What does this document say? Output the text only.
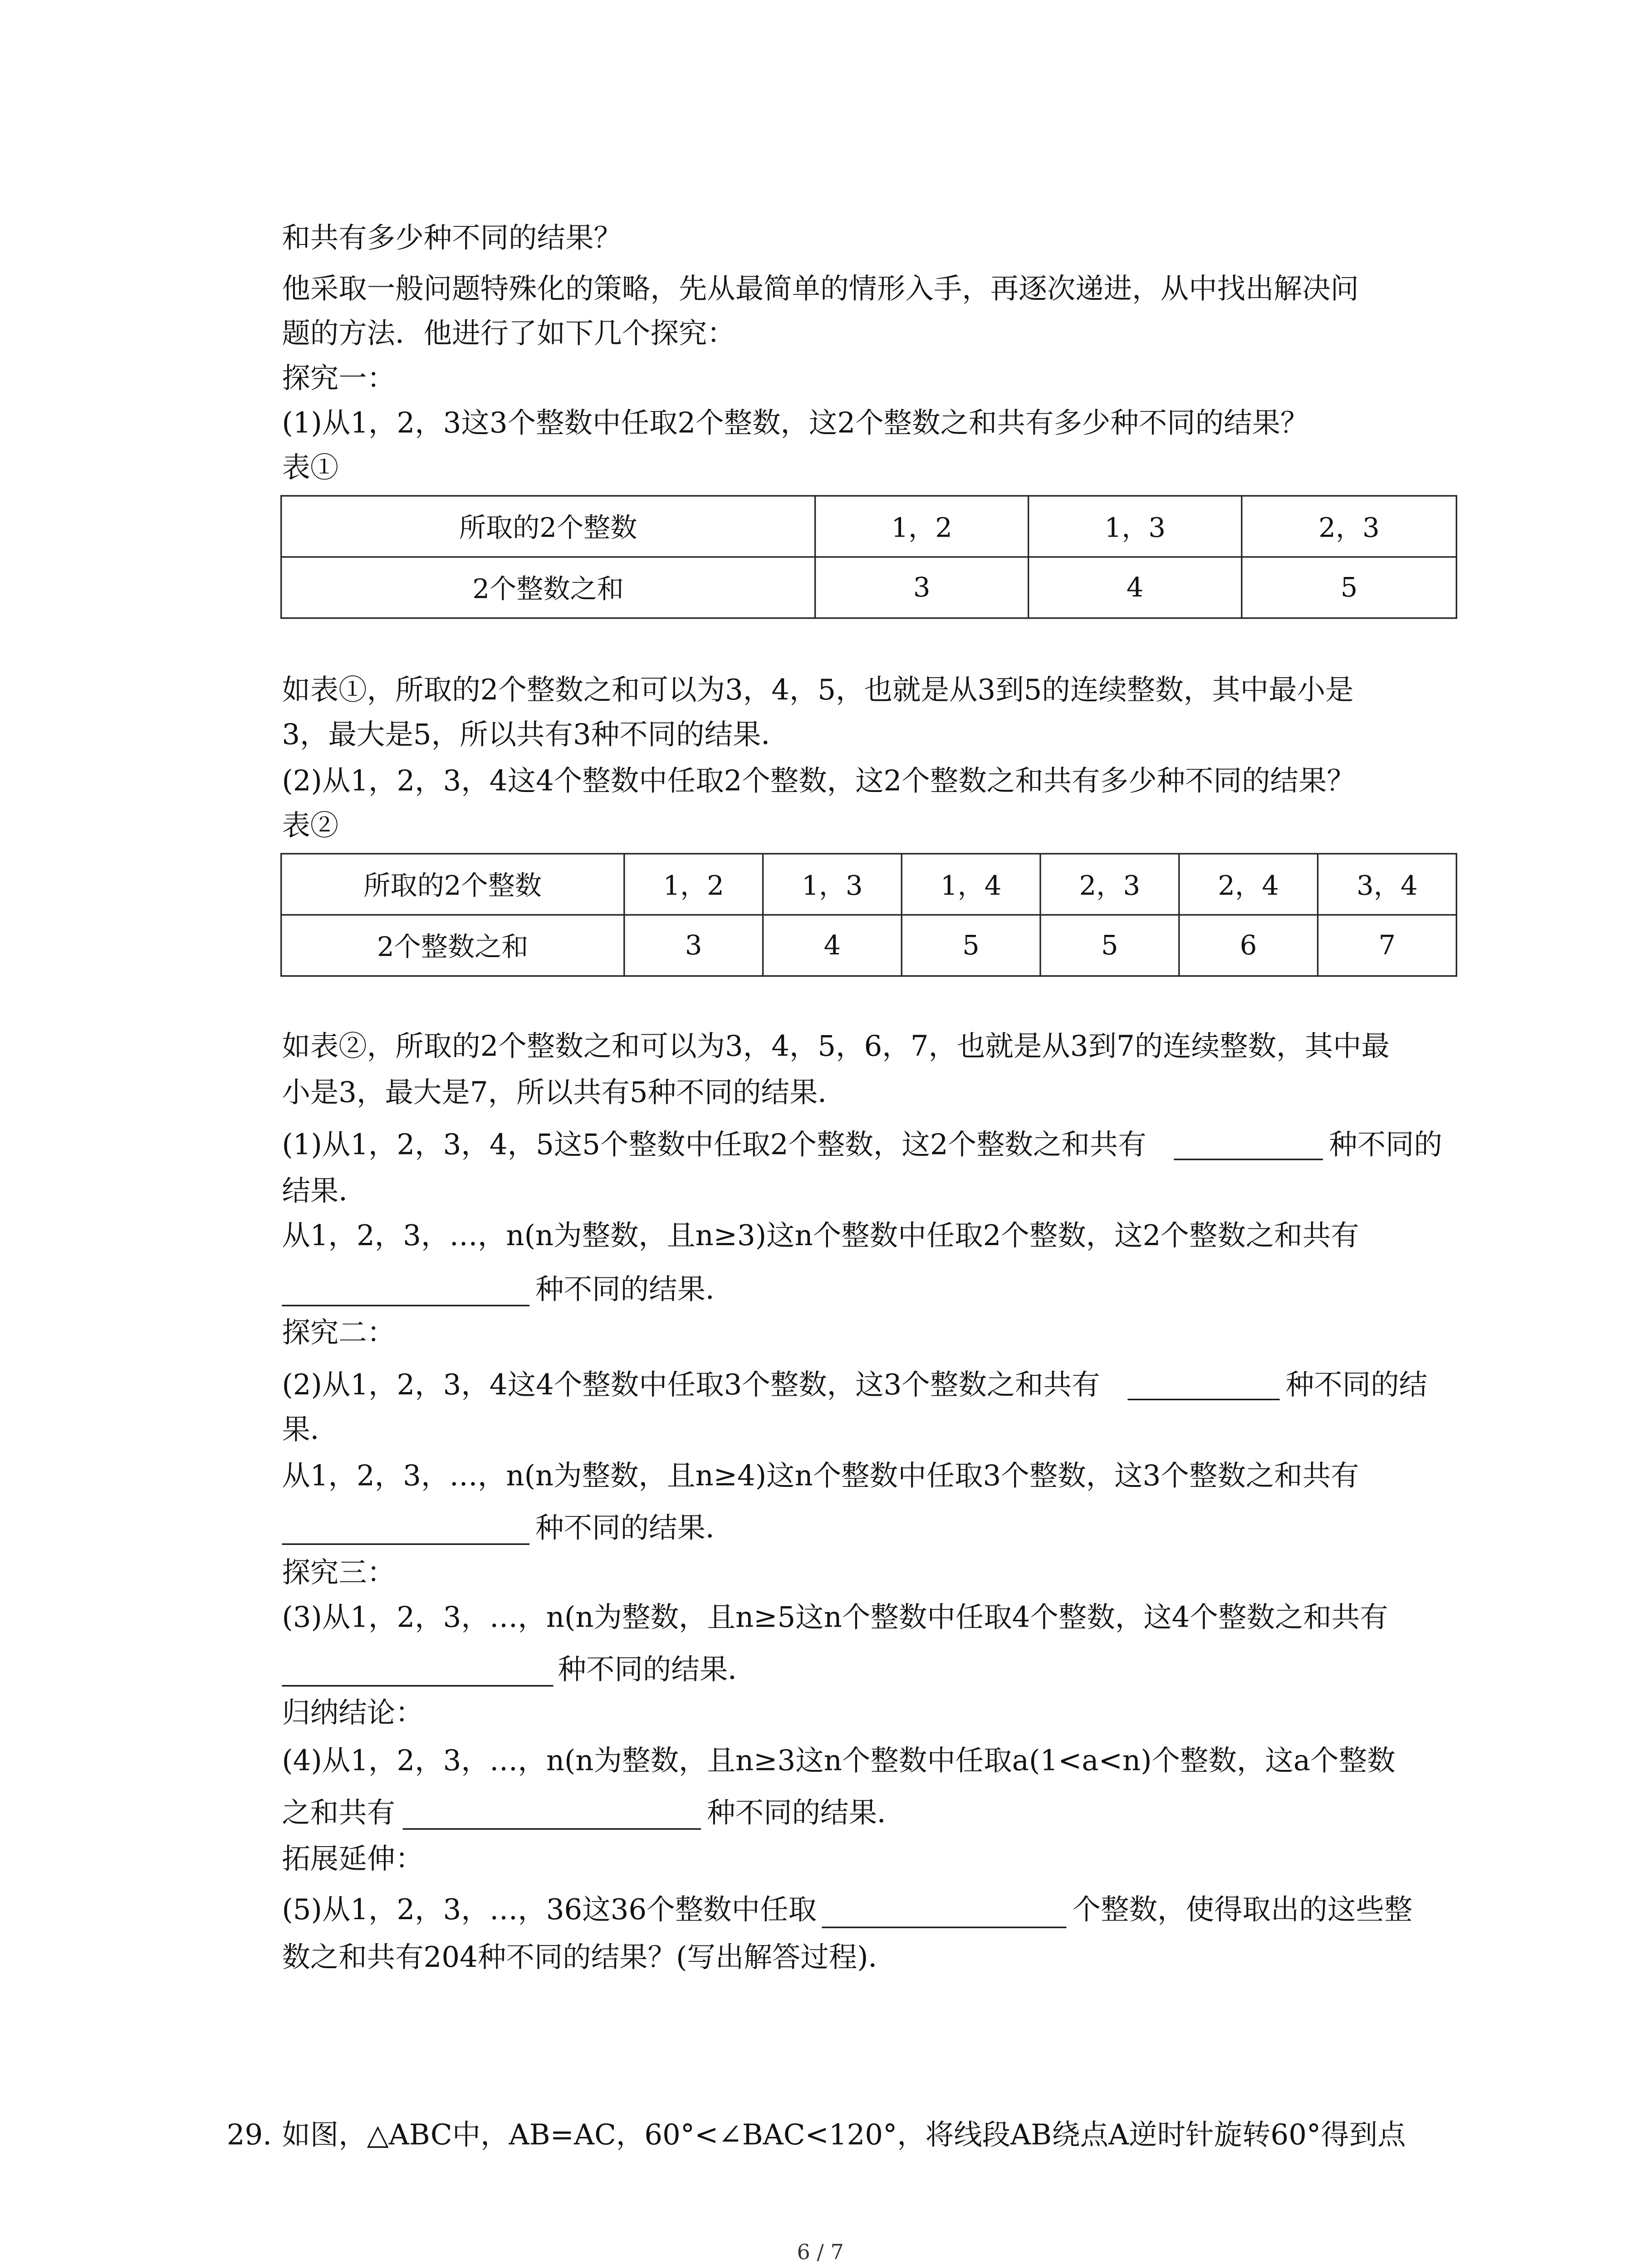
和共有多少种不同的结果？
他采取一般问题特殊化的策略，先从最简单的情形入手，再逐次递进，从中找出解决问
题的方法．他进行了如下几个探究：
探究一：
(1)从1，2，3这3个整数中任取2个整数，这2个整数之和共有多少种不同的结果？
表①
所取的2个整数	1，2	1，3	2，3
2个整数之和	3	4	5
如表①，所取的2个整数之和可以为3，4，5，也就是从3到5的连续整数，其中最小是
3，最大是5，所以共有3种不同的结果．
(2)从1，2，3，4这4个整数中任取2个整数，这2个整数之和共有多少种不同的结果？
表②
所取的2个整数	1，2	1，3	1，4	2，3	2，4	3，4
2个整数之和	3	4	5	5	6	7
如表②，所取的2个整数之和可以为3，4，5，6，7，也就是从3到7的连续整数，其中最
小是3，最大是7，所以共有5种不同的结果．
(1)从1，2，3，4，5这5个整数中任取2个整数，这2个整数之和共有	种不同的
结果．
从1，2，3，…，n(n为整数，且n≥3)这n个整数中任取2个整数，这2个整数之和共有
种不同的结果．
探究二：
(2)从1，2，3，4这4个整数中任取3个整数，这3个整数之和共有	种不同的结
果．
从1，2，3，…，n(n为整数，且n≥4)这n个整数中任取3个整数，这3个整数之和共有
种不同的结果．
探究三：
(3)从1，2，3，…，n(n为整数，且n≥5这n个整数中任取4个整数，这4个整数之和共有
种不同的结果．
归纳结论：
(4)从1，2，3，…，n(n为整数，且n≥3这n个整数中任取a(1<a<n)个整数，这a个整数
之和共有	种不同的结果．
拓展延伸：
(5)从1，2，3，…，36这36个整数中任取	个整数，使得取出的这些整
数之和共有204种不同的结果？(写出解答过程)．
29. 如图，△ABC中，AB=AC，60°<∠BAC<120°，将线段AB绕点A逆时针旋转60°得到点
6 / 7
